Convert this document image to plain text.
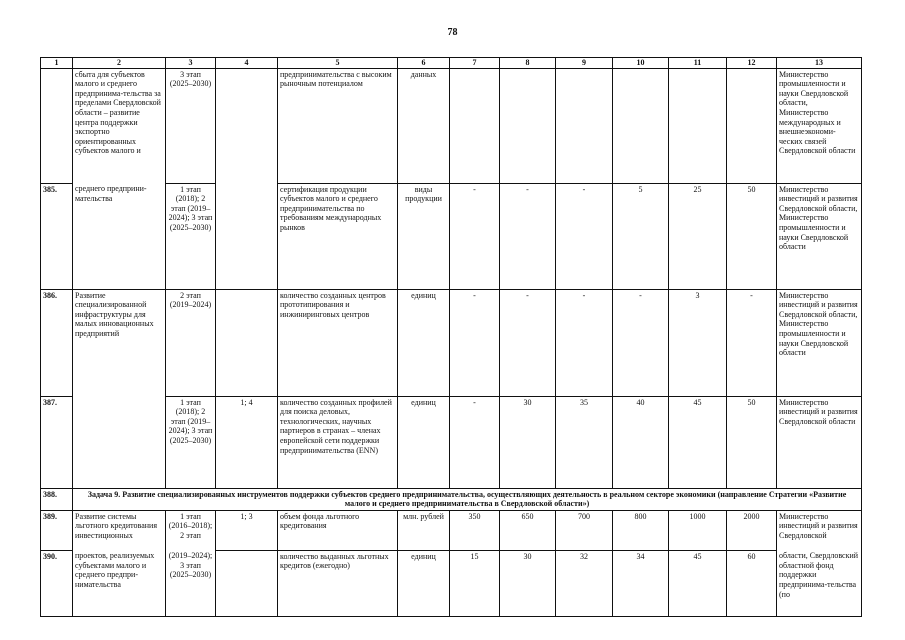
78
1	2	3	4	5	6	7	8	9	10	11	12	13
	сбыта для субъектов малого и среднего предпринима-тельства за пределами Свердловской области – развитие центра поддержки экспортно ориентированных субъектов малого и	3 этап (2025–2030)		предпринимательства с высоким рыночным потенциалом	данных							Министерство промышленности и науки Свердловской области, Министерство международных и внешнеэкономи-ческих связей Свердловской области
385.	среднего предприни-мательства	1 этап (2018); 2 этап (2019–2024); 3 этап (2025–2030)		сертификация продукции субъектов малого и среднего предпринимательства по требованиям международных рынков	виды продукции	-	-	-	5	25	50	Министерство инвестиций и развития Свердловской области, Министерство промышленности и науки Свердловской области
386.	Развитие специализированной инфраструктуры для малых инновационных предприятий	2 этап (2019–2024)		количество созданных центров прототипирования и инжиниринговых центров	единиц	-	-	-	-	3	-	Министерство инвестиций и развития Свердловской области, Министерство промышленности и науки Свердловской области
387.		1 этап (2018); 2 этап (2019–2024); 3 этап (2025–2030)	1; 4	количество созданных профилей для поиска деловых, технологических, научных партнеров в странах – членах европейской сети поддержки предпринимательства (ENN)	единиц	-	30	35	40	45	50	Министерство инвестиций и развития Свердловской области
388.	Задача 9. Развитие специализированных инструментов поддержки субъектов среднего предпринимательства, осуществляющих деятельность в реальном секторе экономики (направление Стратегии «Развитие малого и среднего предпринимательства в Свердловской области»)											
389.	Развитие системы льготного кредитования инвестиционных	1 этап (2016–2018); 2 этап	1; 3	объем фонда льготного кредитования	млн. рублей	350	650	700	800	1000	2000	Министерство инвестиций и развития Свердловской
390.	проектов, реализуемых субъектами малого и среднего предпри-нимательства	(2019–2024); 3 этап (2025–2030)		количество выданных льготных кредитов (ежегодно)	единиц	15	30	32	34	45	60	области, Свердловский областной фонд поддержки предпринима-тельства (по
